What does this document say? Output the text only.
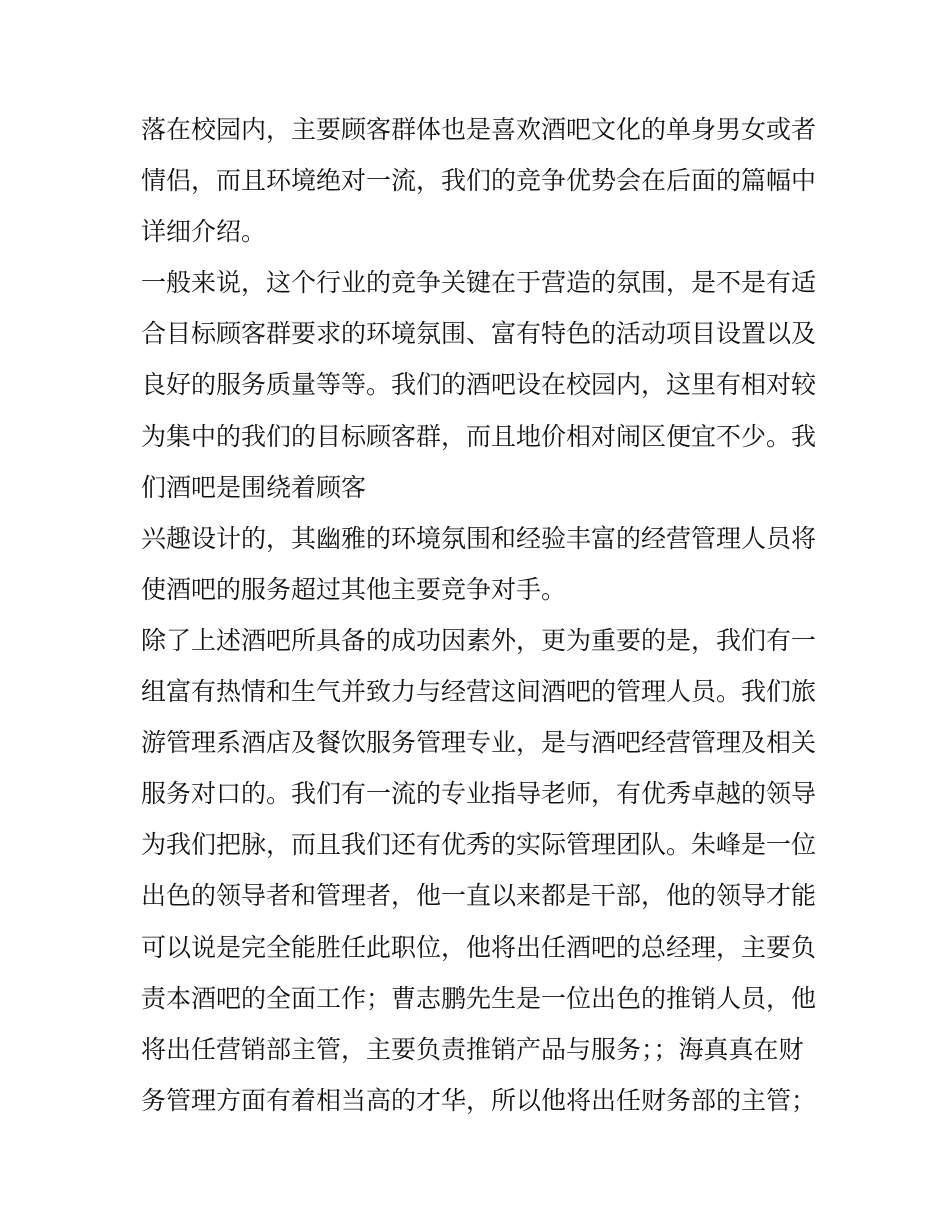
落在校园内，主要顾客群体也是喜欢酒吧文化的单身男女或者
情侣，而且环境绝对一流，我们的竞争优势会在后面的篇幅中
详细介绍。
一般来说，这个行业的竞争关键在于营造的氛围，是不是有适
合目标顾客群要求的环境氛围、富有特色的活动项目设置以及
良好的服务质量等等。我们的酒吧设在校园内，这里有相对较
为集中的我们的目标顾客群，而且地价相对闹区便宜不少。我
们酒吧是围绕着顾客
兴趣设计的，其幽雅的环境氛围和经验丰富的经营管理人员将
使酒吧的服务超过其他主要竞争对手。
除了上述酒吧所具备的成功因素外，更为重要的是，我们有一
组富有热情和生气并致力与经营这间酒吧的管理人员。我们旅
游管理系酒店及餐饮服务管理专业，是与酒吧经营管理及相关
服务对口的。我们有一流的专业指导老师，有优秀卓越的领导
为我们把脉，而且我们还有优秀的实际管理团队。朱峰是一位
出色的领导者和管理者，他一直以来都是干部，他的领导才能
可以说是完全能胜任此职位，他将出任酒吧的总经理，主要负
责本酒吧的全面工作；曹志鹏先生是一位出色的推销人员，他
将出任营销部主管，主要负责推销产品与服务；；海真真在财
务管理方面有着相当高的才华，所以他将出任财务部的主管；
